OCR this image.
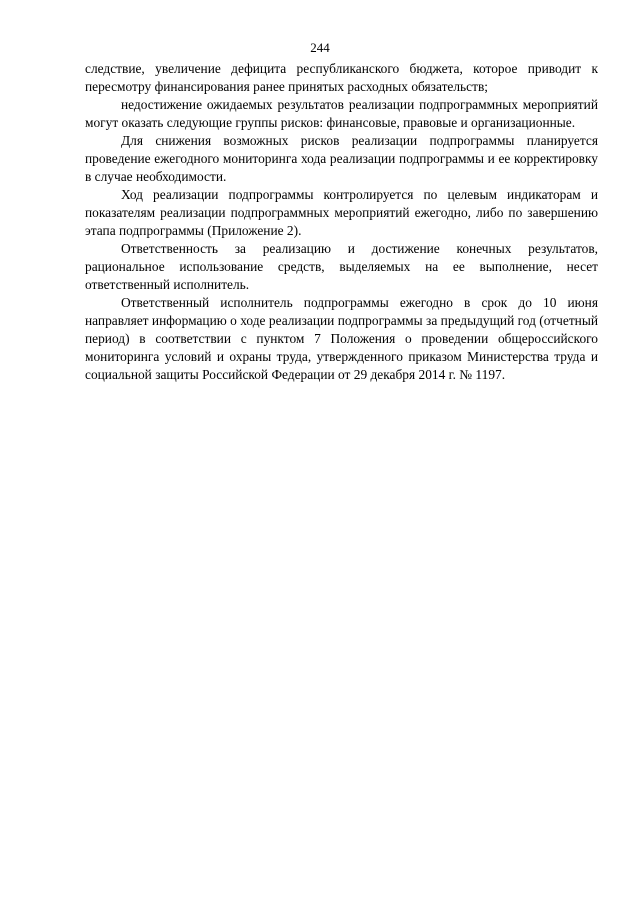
244

следствие, увеличение дефицита республиканского бюджета, которое приводит к пересмотру финансирования ранее принятых расходных обязательств;

недостижение ожидаемых результатов реализации подпрограммных мероприятий могут оказать следующие группы рисков: финансовые, правовые и организационные.

Для снижения возможных рисков реализации подпрограммы планируется проведение ежегодного мониторинга хода реализации подпрограммы и ее корректировку в случае необходимости.

Ход реализации подпрограммы контролируется по целевым индикаторам и показателям реализации подпрограммных мероприятий ежегодно, либо по завершению этапа подпрограммы (Приложение 2).

Ответственность за реализацию и достижение конечных результатов, рациональное использование средств, выделяемых на ее выполнение, несет ответственный исполнитель.

Ответственный исполнитель подпрограммы ежегодно в срок до 10 июня направляет информацию о ходе реализации подпрограммы за предыдущий год (отчетный период) в соответствии с пунктом 7 Положения о проведении общероссийского мониторинга условий и охраны труда, утвержденного приказом Министерства труда и социальной защиты Российской Федерации от 29 декабря 2014 г. № 1197.
